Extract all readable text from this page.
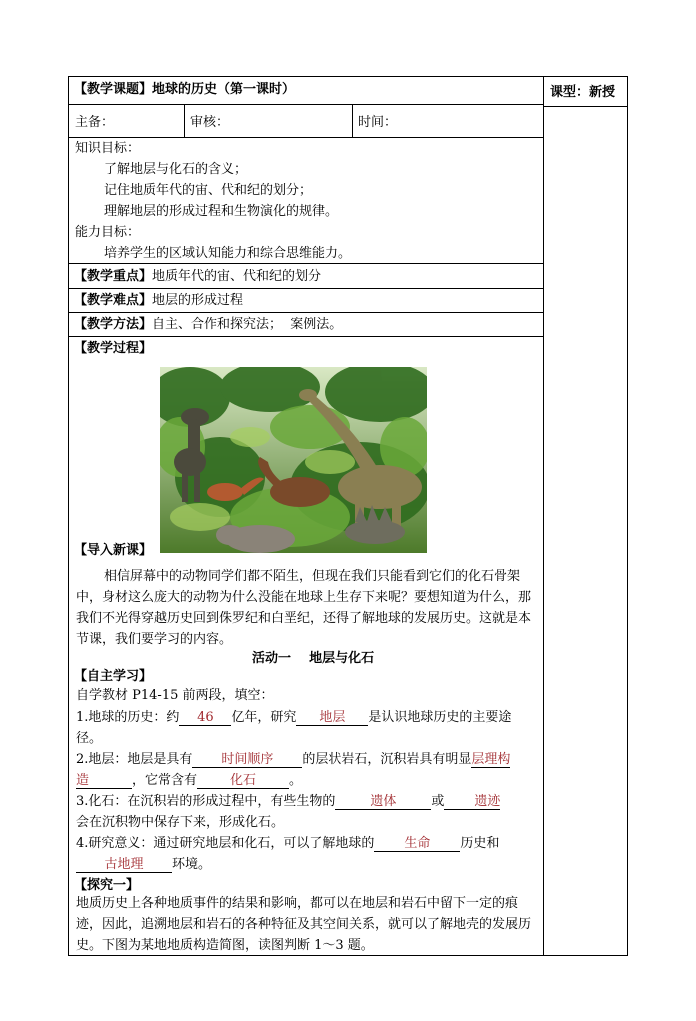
【教学课题】地球的历史（第一课时）	课型：新授
主备：	审核：	时间：
知识目标：
了解地层与化石的含义；
记住地质年代的宙、代和纪的划分；
理解地层的形成过程和生物演化的规律。
能力目标：
培养学生的区域认知能力和综合思维能力。
【教学重点】地质年代的宙、代和纪的划分
【教学难点】地层的形成过程
【教学方法】自主、合作和探究法；  案例法。
【教学过程】
【导入新课】
相信屏幕中的动物同学们都不陌生，但现在我们只能看到它们的化石骨架中，身材这么庞大的动物为什么没能在地球上生存下来呢？要想知道为什么，那我们不光得穿越历史回到侏罗纪和白垩纪，还得了解地球的发展历史。这就是本节课，我们要学习的内容。
活动一    地层与化石
【自主学习】
自学教材 P14-15 前两段，填空：
1.地球的历史：约 46 亿年，研究 地层 是认识地球历史的主要途
径。
2.地层：地层是具有 时间顺序 的层状岩石，沉积岩具有明显层理构
造	，它常含有	化石	。
3.化石：在沉积岩的形成过程中，有些生物的	遗体	或 遗迹
会在沉积物中保存下来，形成化石。
4.研究意义：通过研究地层和化石，可以了解地球的 生命 历史和
古地理 环境。
【探究一】
地质历史上各种地质事件的结果和影响，都可以在地层和岩石中留下一定的痕迹，因此，追溯地层和岩石的各种特征及其空间关系，就可以了解地壳的发展历史。下图为某地地质构造简图，读图判断 1～3 题。
